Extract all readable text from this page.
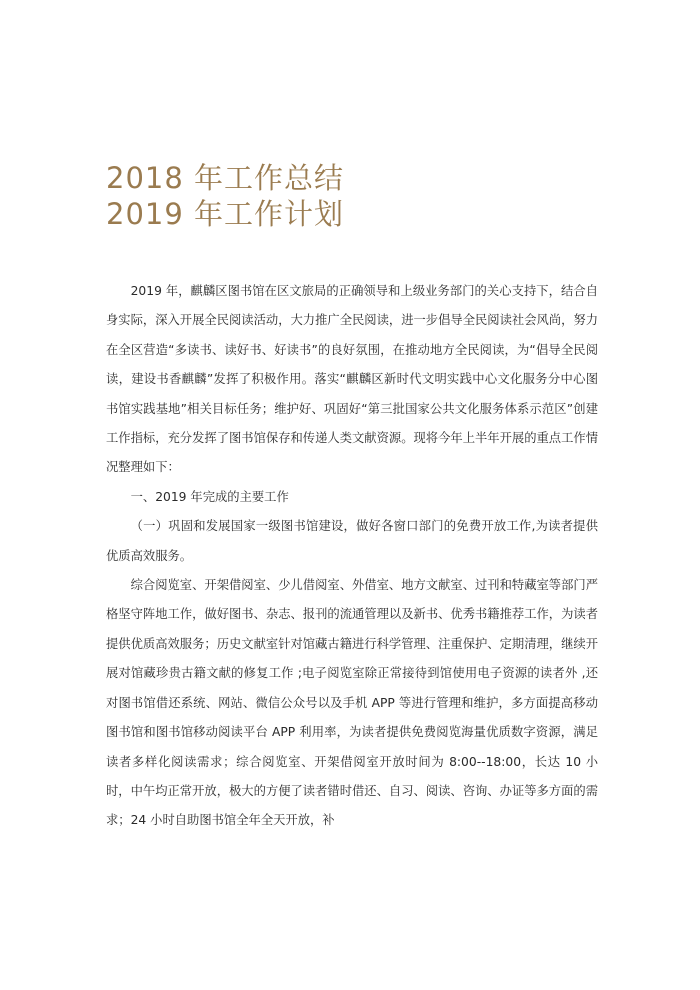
2018 年工作总结
2019 年工作计划

2019 年，麒麟区图书馆在区文旅局的正确领导和上级业务部门的关心支持下，结合自身实际，深入开展全民阅读活动，大力推广全民阅读，进一步倡导全民阅读社会风尚，努力在全区营造“多读书、读好书、好读书”的良好氛围，在推动地方全民阅读，为“倡导全民阅读，建设书香麒麟”发挥了积极作用。落实“麒麟区新时代文明实践中心文化服务分中心图书馆实践基地”相关目标任务；维护好、巩固好“第三批国家公共文化服务体系示范区”创建工作指标，充分发挥了图书馆保存和传递人类文献资源。现将今年上半年开展的重点工作情况整理如下：

一、2019 年完成的主要工作

（一）巩固和发展国家一级图书馆建设，做好各窗口部门的免费开放工作,为读者提供优质高效服务。

综合阅览室、开架借阅室、少儿借阅室、外借室、地方文献室、过刊和特藏室等部门严格坚守阵地工作，做好图书、杂志、报刊的流通管理以及新书、优秀书籍推荐工作，为读者提供优质高效服务；历史文献室针对馆藏古籍进行科学管理、注重保护、定期清理，继续开展对馆藏珍贵古籍文献的修复工作 ;电子阅览室除正常接待到馆使用电子资源的读者外 ,还对图书馆借还系统、网站、微信公众号以及手机 APP 等进行管理和维护，多方面提高移动图书馆和图书馆移动阅读平台 APP 利用率，为读者提供免费阅览海量优质数字资源，满足读者多样化阅读需求；综合阅览室、开架借阅室开放时间为 8:00--18:00，长达 10 小时，中午均正常开放，极大的方便了读者错时借还、自习、阅读、咨询、办证等多方面的需求；24 小时自助图书馆全年全天开放，补
